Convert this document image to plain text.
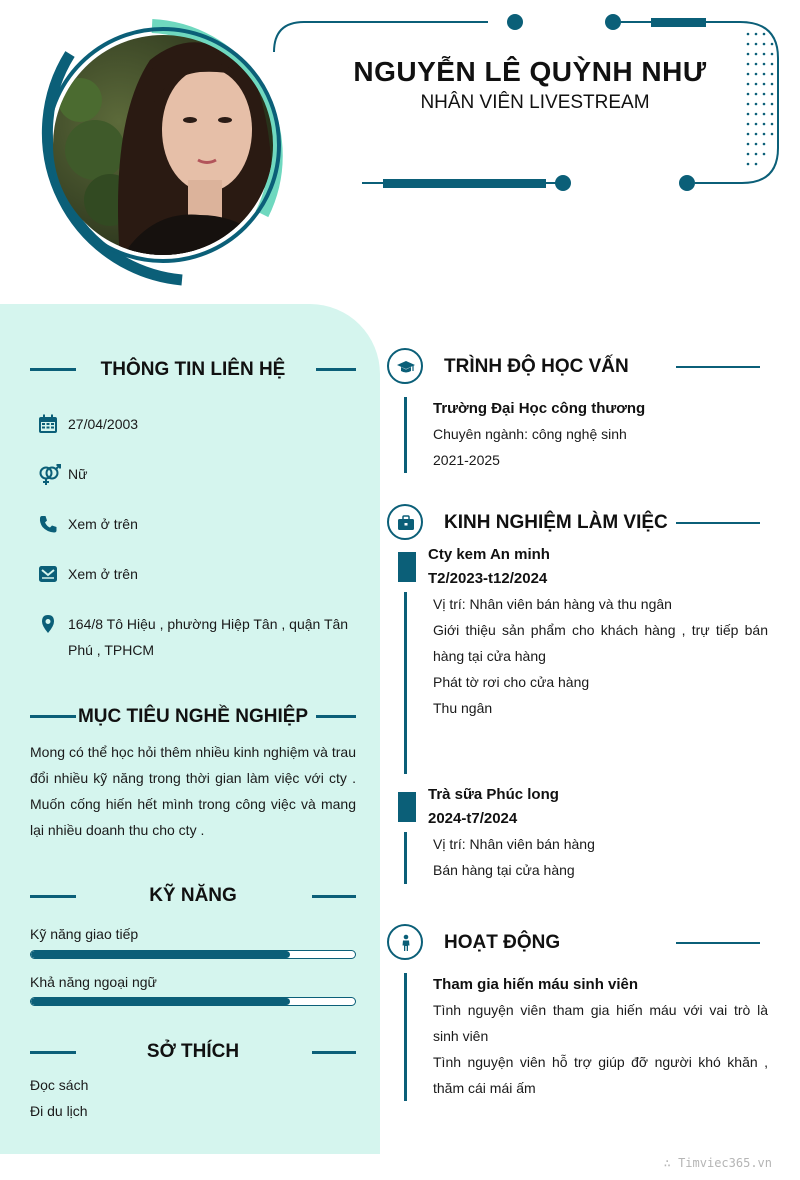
NGUYỄN LÊ QUỲNH NHƯ
NHÂN VIÊN LIVESTREAM
THÔNG TIN LIÊN HỆ
27/04/2003
Nữ
Xem ở trên
Xem ở trên
164/8 Tô Hiệu , phường Hiệp Tân , quận Tân Phú , TPHCM
MỤC TIÊU NGHỀ NGHIỆP
Mong có thể học hỏi thêm nhiều kinh nghiệm và trau đổi nhiều kỹ năng trong thời gian làm việc với cty . Muốn cống hiến hết mình trong công việc và mang lại nhiều doanh thu cho cty .
KỸ NĂNG
Kỹ năng giao tiếp
Khả năng ngoại ngữ
SỞ THÍCH
Đọc sách
Đi du lịch
TRÌNH ĐỘ HỌC VẤN
Trường Đại Học công thương
Chuyên ngành: công nghệ sinh
2021-2025
KINH NGHIỆM LÀM VIỆC
Cty kem An minh
T2/2023-t12/2024
Vị trí: Nhân viên bán hàng và thu ngân
Giới thiệu sản phẩm cho khách hàng , trự tiếp bán hàng tại cửa hàng
Phát tờ rơi cho cửa hàng
Thu ngân
Trà sữa Phúc long
2024-t7/2024
Vị trí: Nhân viên bán hàng
Bán hàng tại cửa hàng
HOẠT ĐỘNG
Tham gia hiến máu sinh viên
Tình nguyện viên tham gia hiến máu với vai trò là sinh viên
Tình nguyện viên hỗ trợ giúp đỡ người khó khăn , thăm cái mái ấm
∴ Timviec365.vn
